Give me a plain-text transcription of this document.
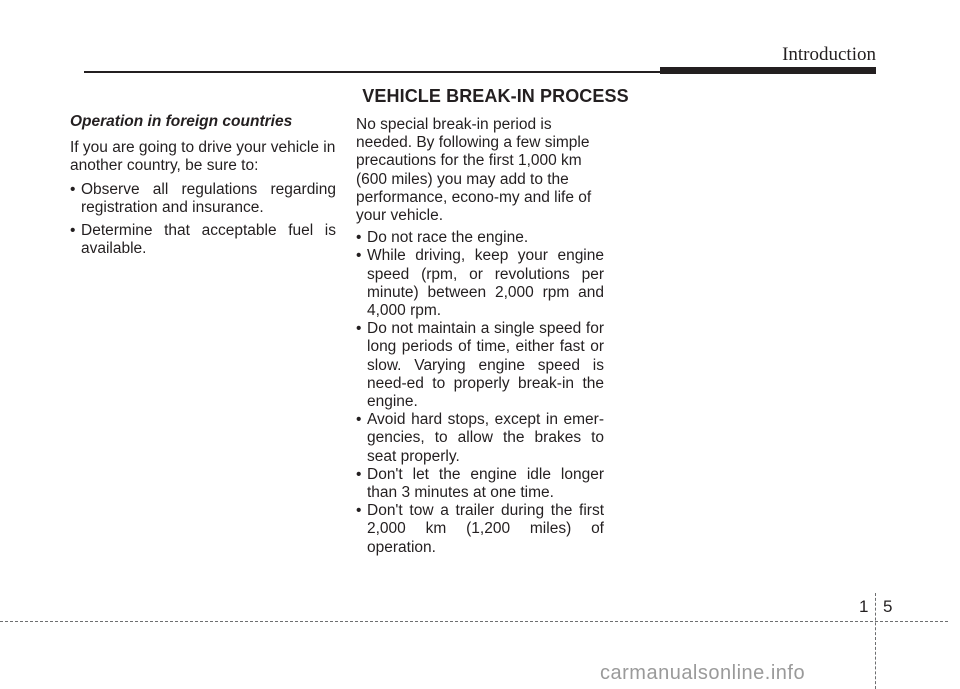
Introduction
VEHICLE BREAK-IN PROCESS
Operation in foreign countries
If you are going to drive your vehicle in another country, be sure to:
• Observe all regulations regarding registration and insurance.
• Determine that acceptable fuel is available.
No special break-in period is needed. By following a few simple precautions for the first 1,000 km (600 miles) you may add to the performance, econo-my and life of your vehicle.
• Do not race the engine.
• While driving, keep your engine speed (rpm, or revolutions per minute) between 2,000 rpm and 4,000 rpm.
• Do not maintain a single speed for long periods of time, either fast or slow. Varying engine speed is need-ed to properly break-in the engine.
• Avoid hard stops, except in emer-gencies, to allow the brakes to seat properly.
• Don't let the engine idle longer than 3 minutes at one time.
• Don't tow a trailer during the first 2,000 km (1,200 miles) of operation.
1 5
carmanualsonline.info
